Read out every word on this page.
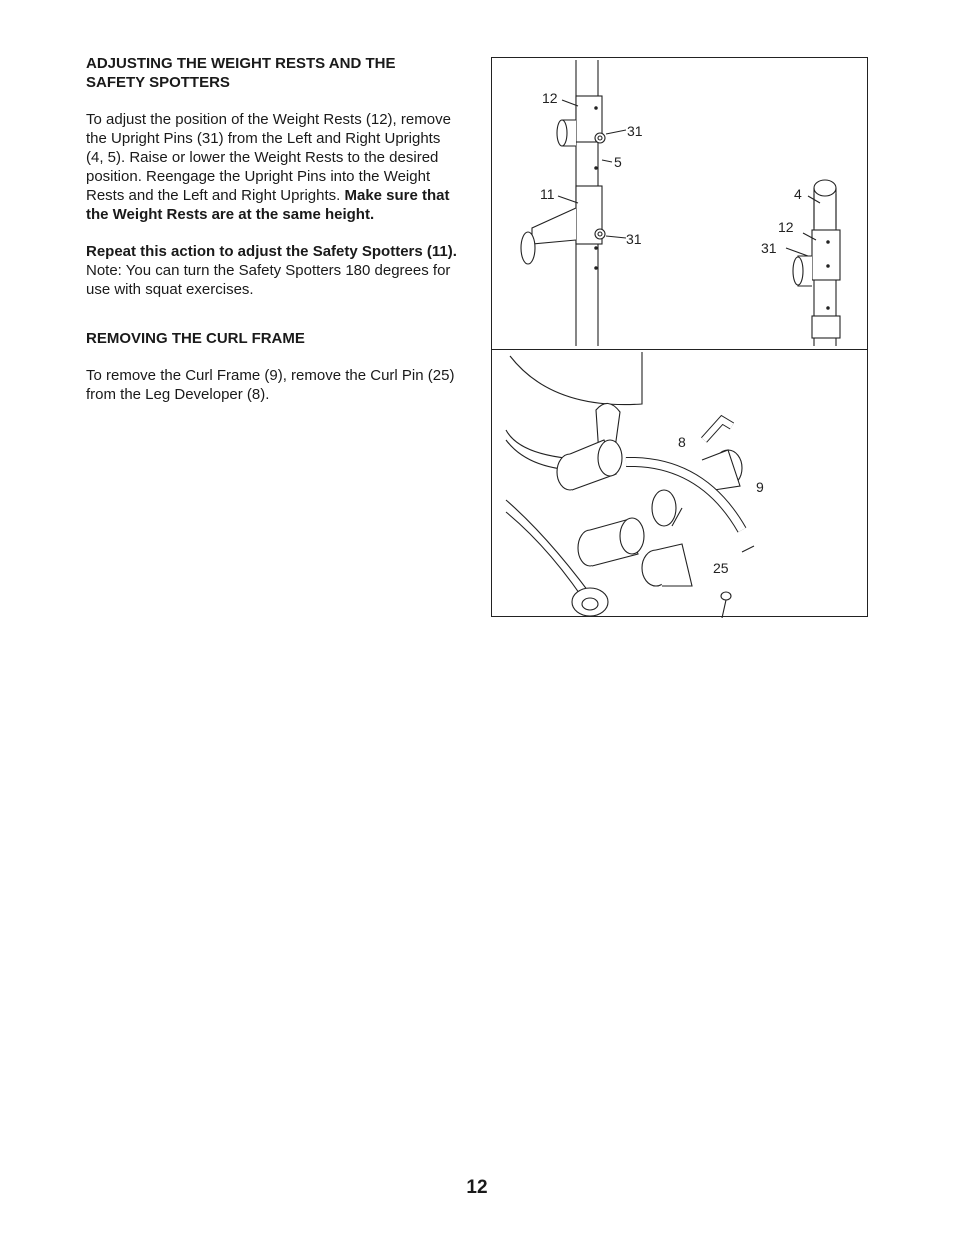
ADJUSTING THE WEIGHT RESTS AND THE
SAFETY SPOTTERS

To adjust the position of the Weight Rests (12), remove the Upright Pins (31) from the Left and Right Uprights (4, 5). Raise or lower the Weight Rests to the desired position. Reengage the Upright Pins into the Weight Rests and the Left and Right Uprights. Make sure that the Weight Rests are at the same height.

Repeat this action to adjust the Safety Spotters (11). Note: You can turn the Safety Spotters 180 degrees for use with squat exercises.

REMOVING THE CURL FRAME

To remove the Curl Frame (9), remove the Curl Pin (25) from the Leg Developer (8).

12
31
5
11
31
4
12
31
8
9
25
12
